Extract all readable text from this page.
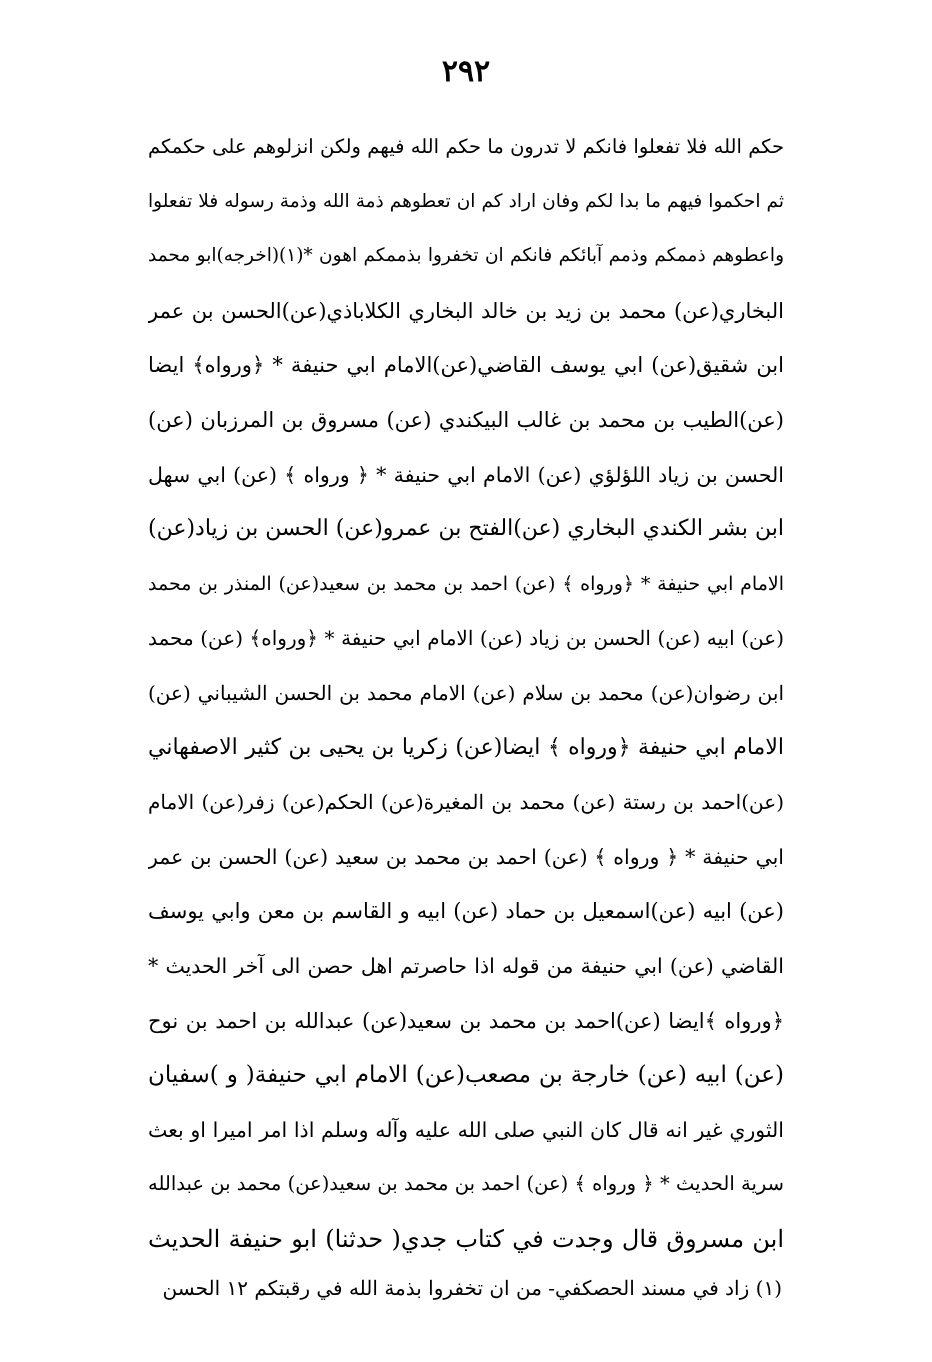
٢٩٢
حكم الله فلا تفعلوا فانكم لا تدرون ما حكم الله فيهم ولكن انزلوهم على حكمكم
ثم احكموا فيهم ما بدا لكم وفان اراد كم ان تعطوهم ذمة الله وذمة رسوله فلا تفعلوا
واعطوهم ذممكم وذمم آبائكم فانكم ان تخفروا بذممكم اهون *(١)(اخرجه)ابو محمد
البخاري(عن) محمد بن زيد بن خالد البخاري الكلاباذي(عن)الحسن بن عمر
ابن شقيق(عن) ابي يوسف القاضي(عن)الامام ابي حنيفة * ﴿ورواه﴾ ايضا
(عن)الطيب بن محمد بن غالب البيكندي (عن) مسروق بن المرزبان (عن)
الحسن بن زياد اللؤلؤي (عن) الامام ابي حنيفة * ﴿ ورواه ﴾ (عن) ابي سهل
ابن بشر الكندي البخاري (عن)الفتح بن عمرو(عن) الحسن بن زياد(عن)
الامام ابي حنيفة * ﴿ورواه ﴾ (عن) احمد بن محمد بن سعيد(عن) المنذر بن محمد
(عن) ابيه (عن) الحسن بن زياد (عن) الامام ابي حنيفة * ﴿ورواه﴾ (عن) محمد
ابن رضوان(عن) محمد بن سلام (عن) الامام محمد بن الحسن الشيباني (عن)
الامام ابي حنيفة ﴿ورواه ﴾ ايضا(عن) زكريا بن يحيى بن كثير الاصفهاني
(عن)احمد بن رستة (عن) محمد بن المغيرة(عن) الحكم(عن) زفر(عن) الامام
ابي حنيفة * ﴿ ورواه ﴾ (عن) احمد بن محمد بن سعيد (عن) الحسن بن عمر
(عن) ابيه (عن)اسمعيل بن حماد (عن) ابيه و القاسم بن معن وابي يوسف
القاضي (عن) ابي حنيفة من قوله اذا حاصرتم اهل حصن الى آخر الحديث *
﴿ورواه ﴾ايضا (عن)احمد بن محمد بن سعيد(عن) عبدالله بن احمد بن نوح
(عن) ابيه (عن) خارجة بن مصعب(عن) الامام ابي حنيفة( و )سفيان
الثوري غير انه قال كان النبي صلى الله عليه وآله وسلم اذا امر اميرا او بعث
سرية الحديث * ﴿ ورواه ﴾ (عن) احمد بن محمد بن سعيد(عن) محمد بن عبدالله
ابن مسروق قال وجدت في كتاب جدي( حدثنا) ابو حنيفة الحديث
(١) زاد في مسند الحصكفي- من ان تخفروا بذمة الله في رقبتكم ١٢ الحسن
